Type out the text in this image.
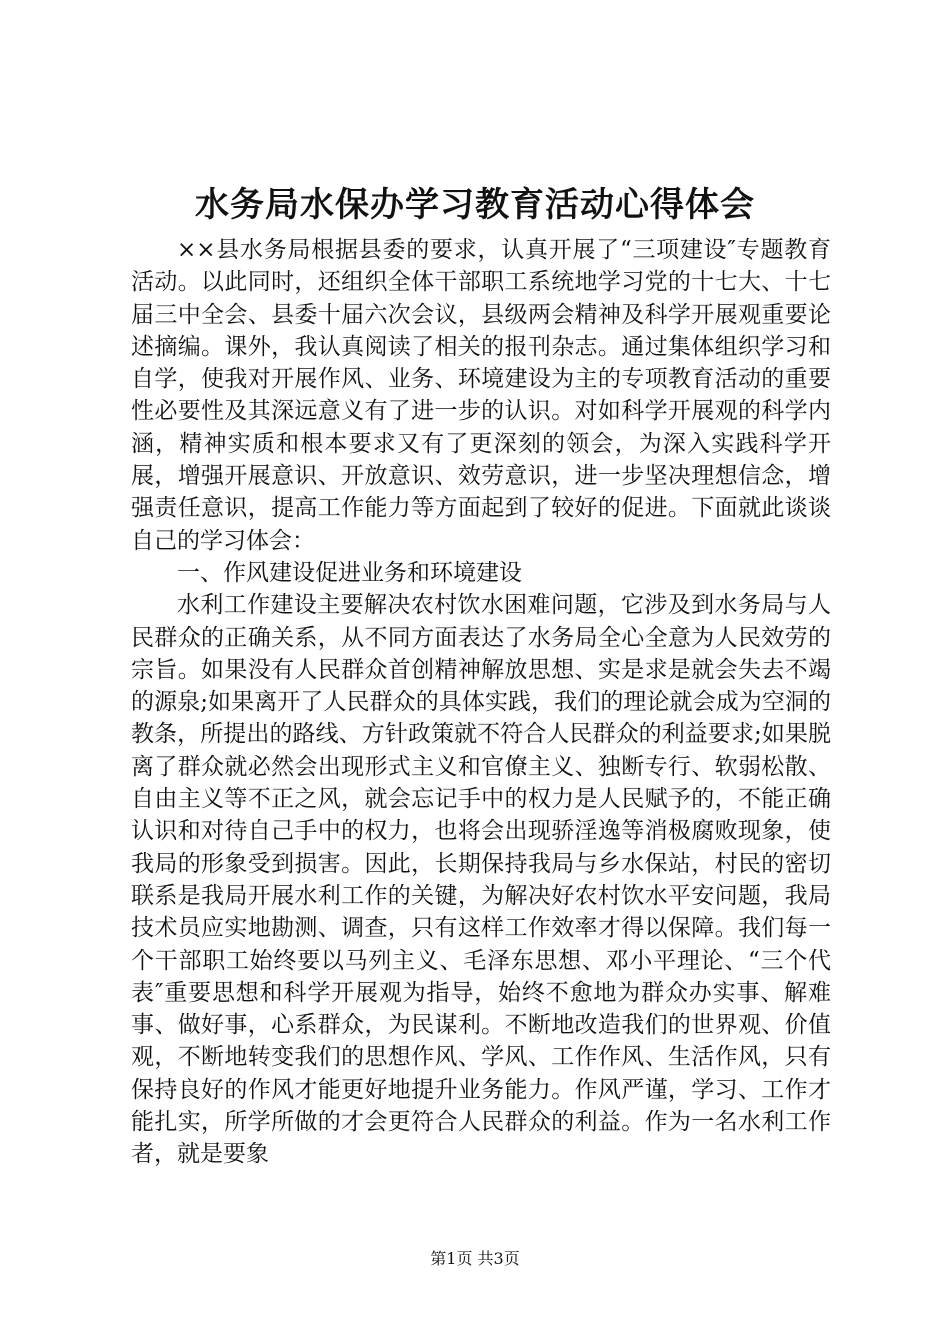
水务局水保办学习教育活动心得体会

××县水务局根据县委的要求，认真开展了“三项建设″专题教育活动。以此同时，还组织全体干部职工系统地学习党的十七大、十七届三中全会、县委十届六次会议，县级两会精神及科学开展观重要论述摘编。课外，我认真阅读了相关的报刊杂志。通过集体组织学习和自学，使我对开展作风、业务、环境建设为主的专项教育活动的重要性必要性及其深远意义有了进一步的认识。对如科学开展观的科学内涵，精神实质和根本要求又有了更深刻的领会，为深入实践科学开展，增强开展意识、开放意识、效劳意识，进一步坚决理想信念，增强责任意识，提高工作能力等方面起到了较好的促进。下面就此谈谈自己的学习体会：

一、作风建设促进业务和环境建设

水利工作建设主要解决农村饮水困难问题，它涉及到水务局与人民群众的正确关系，从不同方面表达了水务局全心全意为人民效劳的宗旨。如果没有人民群众首创精神解放思想、实是求是就会失去不竭的源泉;如果离开了人民群众的具体实践，我们的理论就会成为空洞的教条，所提出的路线、方针政策就不符合人民群众的利益要求;如果脱离了群众就必然会出现形式主义和官僚主义、独断专行、软弱松散、自由主义等不正之风，就会忘记手中的权力是人民赋予的，不能正确认识和对待自己手中的权力，也将会出现骄淫逸等消极腐败现象，使我局的形象受到损害。因此，长期保持我局与乡水保站，村民的密切联系是我局开展水利工作的关键，为解决好农村饮水平安问题，我局技术员应实地勘测、调查，只有这样工作效率才得以保障。我们每一个干部职工始终要以马列主义、毛泽东思想、邓小平理论、“三个代表″重要思想和科学开展观为指导，始终不愈地为群众办实事、解难事、做好事，心系群众，为民谋利。不断地改造我们的世界观、价值观，不断地转变我们的思想作风、学风、工作作风、生活作风，只有保持良好的作风才能更好地提升业务能力。作风严谨，学习、工作才能扎实，所学所做的才会更符合人民群众的利益。作为一名水利工作者，就是要象

第1页 共3页
